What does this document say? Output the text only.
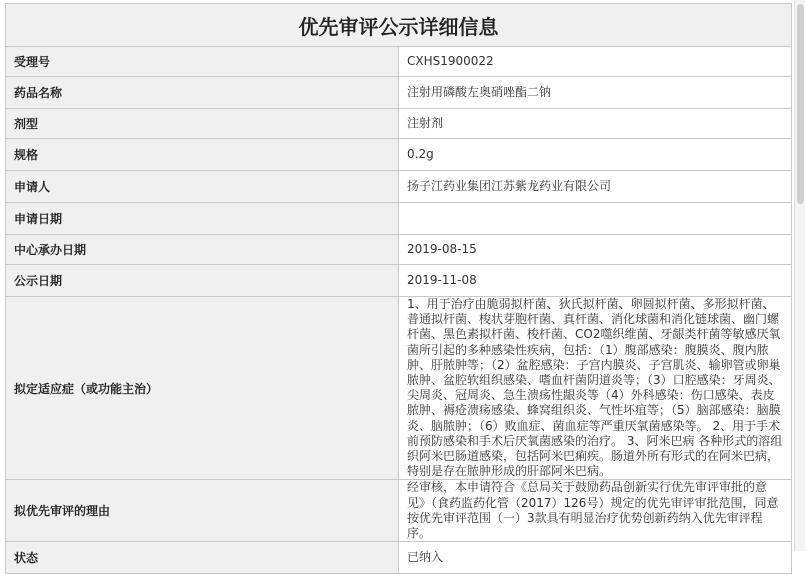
优先审评公示详细信息	
受理号	CXHS1900022
药品名称	注射用磷酸左奥硝唑酯二钠
剂型	注射剂
规格	0.2g
申请人	扬子江药业集团江苏紫龙药业有限公司
申请日期	
中心承办日期	2019-08-15
公示日期	2019-11-08
拟定适应症（或功能主治）	1、用于治疗由脆弱拟杆菌、狄氏拟杆菌、卵圆拟杆菌、多形拟杆菌、普通拟杆菌、梭状芽胞杆菌、真杆菌、消化球菌和消化链球菌、幽门螺杆菌、黑色素拟杆菌、梭杆菌、CO2噬织维菌、牙龈类杆菌等敏感厌氧菌所引起的多种感染性疾病，包括：（1）腹部感染：腹膜炎、腹内脓肿、肝脓肿等；（2）盆腔感染：子宫内膜炎、子宫肌炎、输卵管或卵巢脓肿、盆腔软组织感染、嗜血杆菌阴道炎等；（3）口腔感染：牙周炎、尖周炎、冠周炎、急生溃疡性龈炎等（4）外科感染：伤口感染、表皮脓肿、褥疮溃疡感染、蜂窝组织炎、气性坏疽等；（5）脑部感染：脑膜炎、脑脓肿；（6）败血症、菌血症等严重厌氧菌感染等。 2、用于手术前预防感染和手术后厌氧菌感染的治疗。 3、阿米巴病 各种形式的溶组织阿米巴肠道感染，包括阿米巴痢疾。肠道外所有形式的在阿米巴病，特别是存在脓肿形成的肝部阿米巴病。
拟优先审评的理由	经审核，本申请符合《总局关于鼓励药品创新实行优先审评审批的意见》（食药监药化管（2017）126号）规定的优先审评审批范围，同意按优先审评范围（一）3款具有明显治疗优势创新药纳入优先审评程序。
状态	已纳入
